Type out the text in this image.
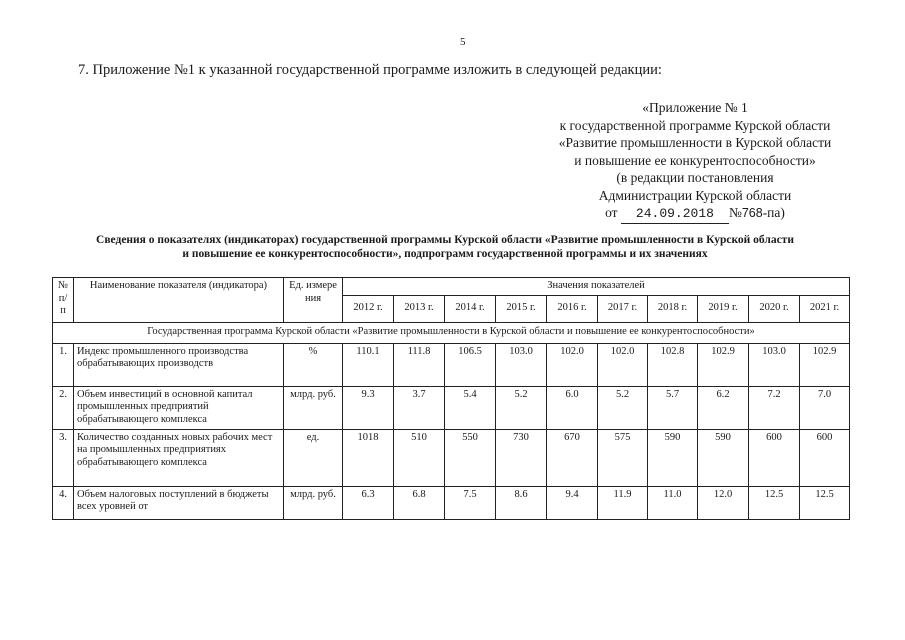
5
7. Приложение №1 к указанной государственной программе изложить в следующей редакции:
«Приложение № 1
к государственной программе Курской области
«Развитие промышленности в Курской области
и повышение ее конкурентоспособности»
(в редакции постановления
Администрации Курской области
от 24.09.2018 №768-па)
Сведения о показателях (индикаторах) государственной программы Курской области «Развитие промышленности в Курской области
и повышение ее конкурентоспособности», подпрограмм государственной программы и их значениях
№ п/п	Наименование показателя (индикатора)	Ед. измере ния	Значения показателей									
			2012 г.	2013 г.	2014 г.	2015 г.	2016 г.	2017 г.	2018 г.	2019 г.	2020 г.	2021 г.
Государственная программа Курской области «Развитие промышленности в Курской области и повышение ее конкурентоспособности»												
1.	Индекс промышленного производства обрабатывающих производств	%	110.1	111.8	106.5	103.0	102.0	102.0	102.8	102.9	103.0	102.9
2.	Объем инвестиций в основной капитал промышленных предприятий обрабатывающего комплекса	млрд. руб.	9.3	3.7	5.4	5.2	6.0	5.2	5.7	6.2	7.2	7.0
3.	Количество созданных новых рабочих мест на промышленных предприятиях обрабатывающего комплекса	ед.	1018	510	550	730	670	575	590	590	600	600
4.	Объем налоговых поступлений в бюджеты всех уровней от	млрд. руб.	6.3	6.8	7.5	8.6	9.4	11.9	11.0	12.0	12.5	12.5
